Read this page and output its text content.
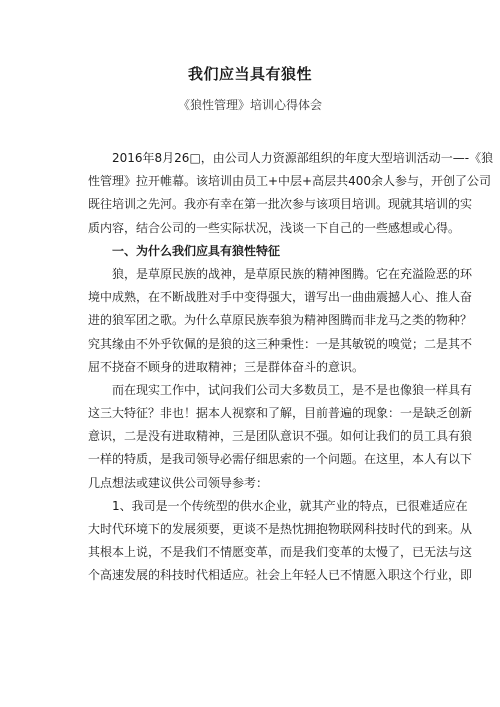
我们应当具有狼性
《狼性管理》培训心得体会
2016年8月26□，由公司人力资源部组织的年度大型培训活动一—-《狼
性管理》拉开帷幕。该培训由员工+中层+高层共400余人参与，开创了公司
既往培训之先河。我亦有幸在第一批次参与该项目培训。现就其培训的实
质内容，结合公司的一些实际状况，浅谈一下自己的一些感想或心得。
一、为什么我们应具有狼性特征
狼，是草原民族的战神，是草原民族的精神图腾。它在充溢险恶的环
境中成熟，在不断战胜对手中变得强大，谱写出一曲曲震撼人心、推人奋
进的狼军团之歌。为什么草原民族奉狼为精神图腾而非龙马之类的物种？
究其缘由不外乎钦佩的是狼的这三种秉性：一是其敏锐的嗅觉；二是其不
屈不挠奋不顾身的进取精神；三是群体奋斗的意识。
而在现实工作中，试问我们公司大多数员工，是不是也像狼一样具有
这三大特征？非也！据本人视察和了解，目前普遍的现象：一是缺乏创新
意识，二是没有进取精神，三是团队意识不强。如何让我们的员工具有狼
一样的特质，是我司领导必需仔细思索的一个问题。在这里，本人有以下
几点想法或建议供公司领导参考：
1、我司是一个传统型的供水企业，就其产业的特点，已很难适应在
大时代环境下的发展须要，更谈不是热忱拥抱物联网科技时代的到来。从
其根本上说，不是我们不情愿变革，而是我们变革的太慢了，已无法与这
个高速发展的科技时代相适应。社会上年轻人已不情愿入职这个行业，即
